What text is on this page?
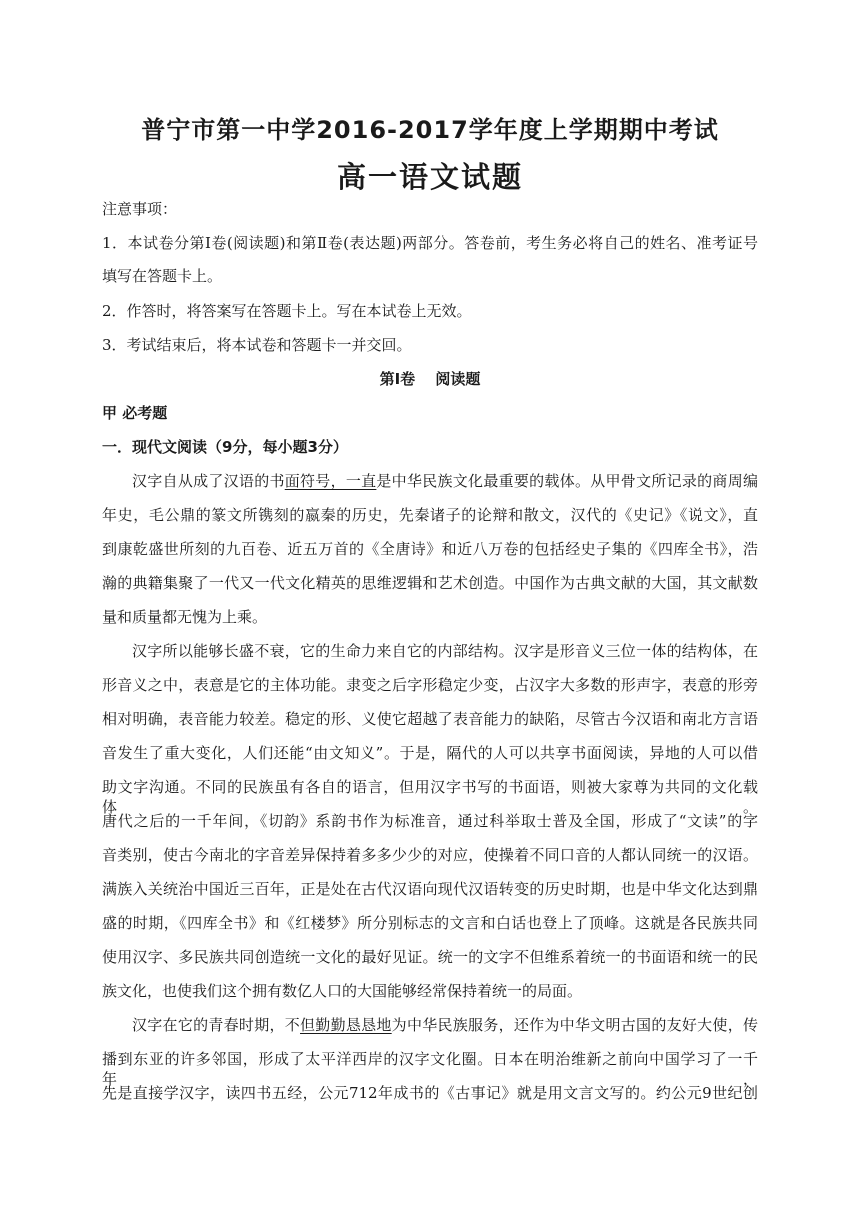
普宁市第一中学2016-2017学年度上学期期中考试
高一语文试题
注意事项：
1．本试卷分第Ⅰ卷(阅读题)和第Ⅱ卷(表达题)两部分。答卷前，考生务必将自己的姓名、准考证号
填写在答题卡上。
2．作答时，将答案写在答题卡上。写在本试卷上无效。
3．考试结束后，将本试卷和答题卡一并交回。
第Ⅰ卷　 阅读题
甲 必考题
一．现代文阅读（9分，每小题3分）
汉字自从成了汉语的书面符号，一直是中华民族文化最重要的载体。从甲骨文所记录的商周编
年史，毛公鼎的篆文所镌刻的嬴秦的历史，先秦诸子的论辩和散文，汉代的《史记》《说文》，直
到康乾盛世所刻的九百卷、近五万首的《全唐诗》和近八万卷的包括经史子集的《四库全书》，浩
瀚的典籍集聚了一代又一代文化精英的思维逻辑和艺术创造。中国作为古典文献的大国，其文献数
量和质量都无愧为上乘。
汉字所以能够长盛不衰，它的生命力来自它的内部结构。汉字是形音义三位一体的结构体，在
形音义之中，表意是它的主体功能。隶变之后字形稳定少变，占汉字大多数的形声字，表意的形旁
相对明确，表音能力较差。稳定的形、义使它超越了表音能力的缺陷，尽管古今汉语和南北方言语
音发生了重大变化，人们还能“由文知义”。于是，隔代的人可以共享书面阅读，异地的人可以借
助文字沟通。不同的民族虽有各自的语言，但用汉字书写的书面语，则被大家尊为共同的文化载体。
唐代之后的一千年间，《切韵》系韵书作为标准音，通过科举取士普及全国，形成了“文读”的字
音类别，使古今南北的字音差异保持着多多少少的对应，使操着不同口音的人都认同统一的汉语。
满族入关统治中国近三百年，正是处在古代汉语向现代汉语转变的历史时期，也是中华文化达到鼎
盛的时期，《四库全书》和《红楼梦》所分别标志的文言和白话也登上了顶峰。这就是各民族共同
使用汉字、多民族共同创造统一文化的最好见证。统一的文字不但维系着统一的书面语和统一的民
族文化，也使我们这个拥有数亿人口的大国能够经常保持着统一的局面。
汉字在它的青春时期，不但勤勤恳恳地为中华民族服务，还作为中华文明古国的友好大使，传
播到东亚的许多邻国，形成了太平洋西岸的汉字文化圈。日本在明治维新之前向中国学习了一千年，
先是直接学汉字，读四书五经，公元712年成书的《古事记》就是用文言文写的。约公元9世纪创
